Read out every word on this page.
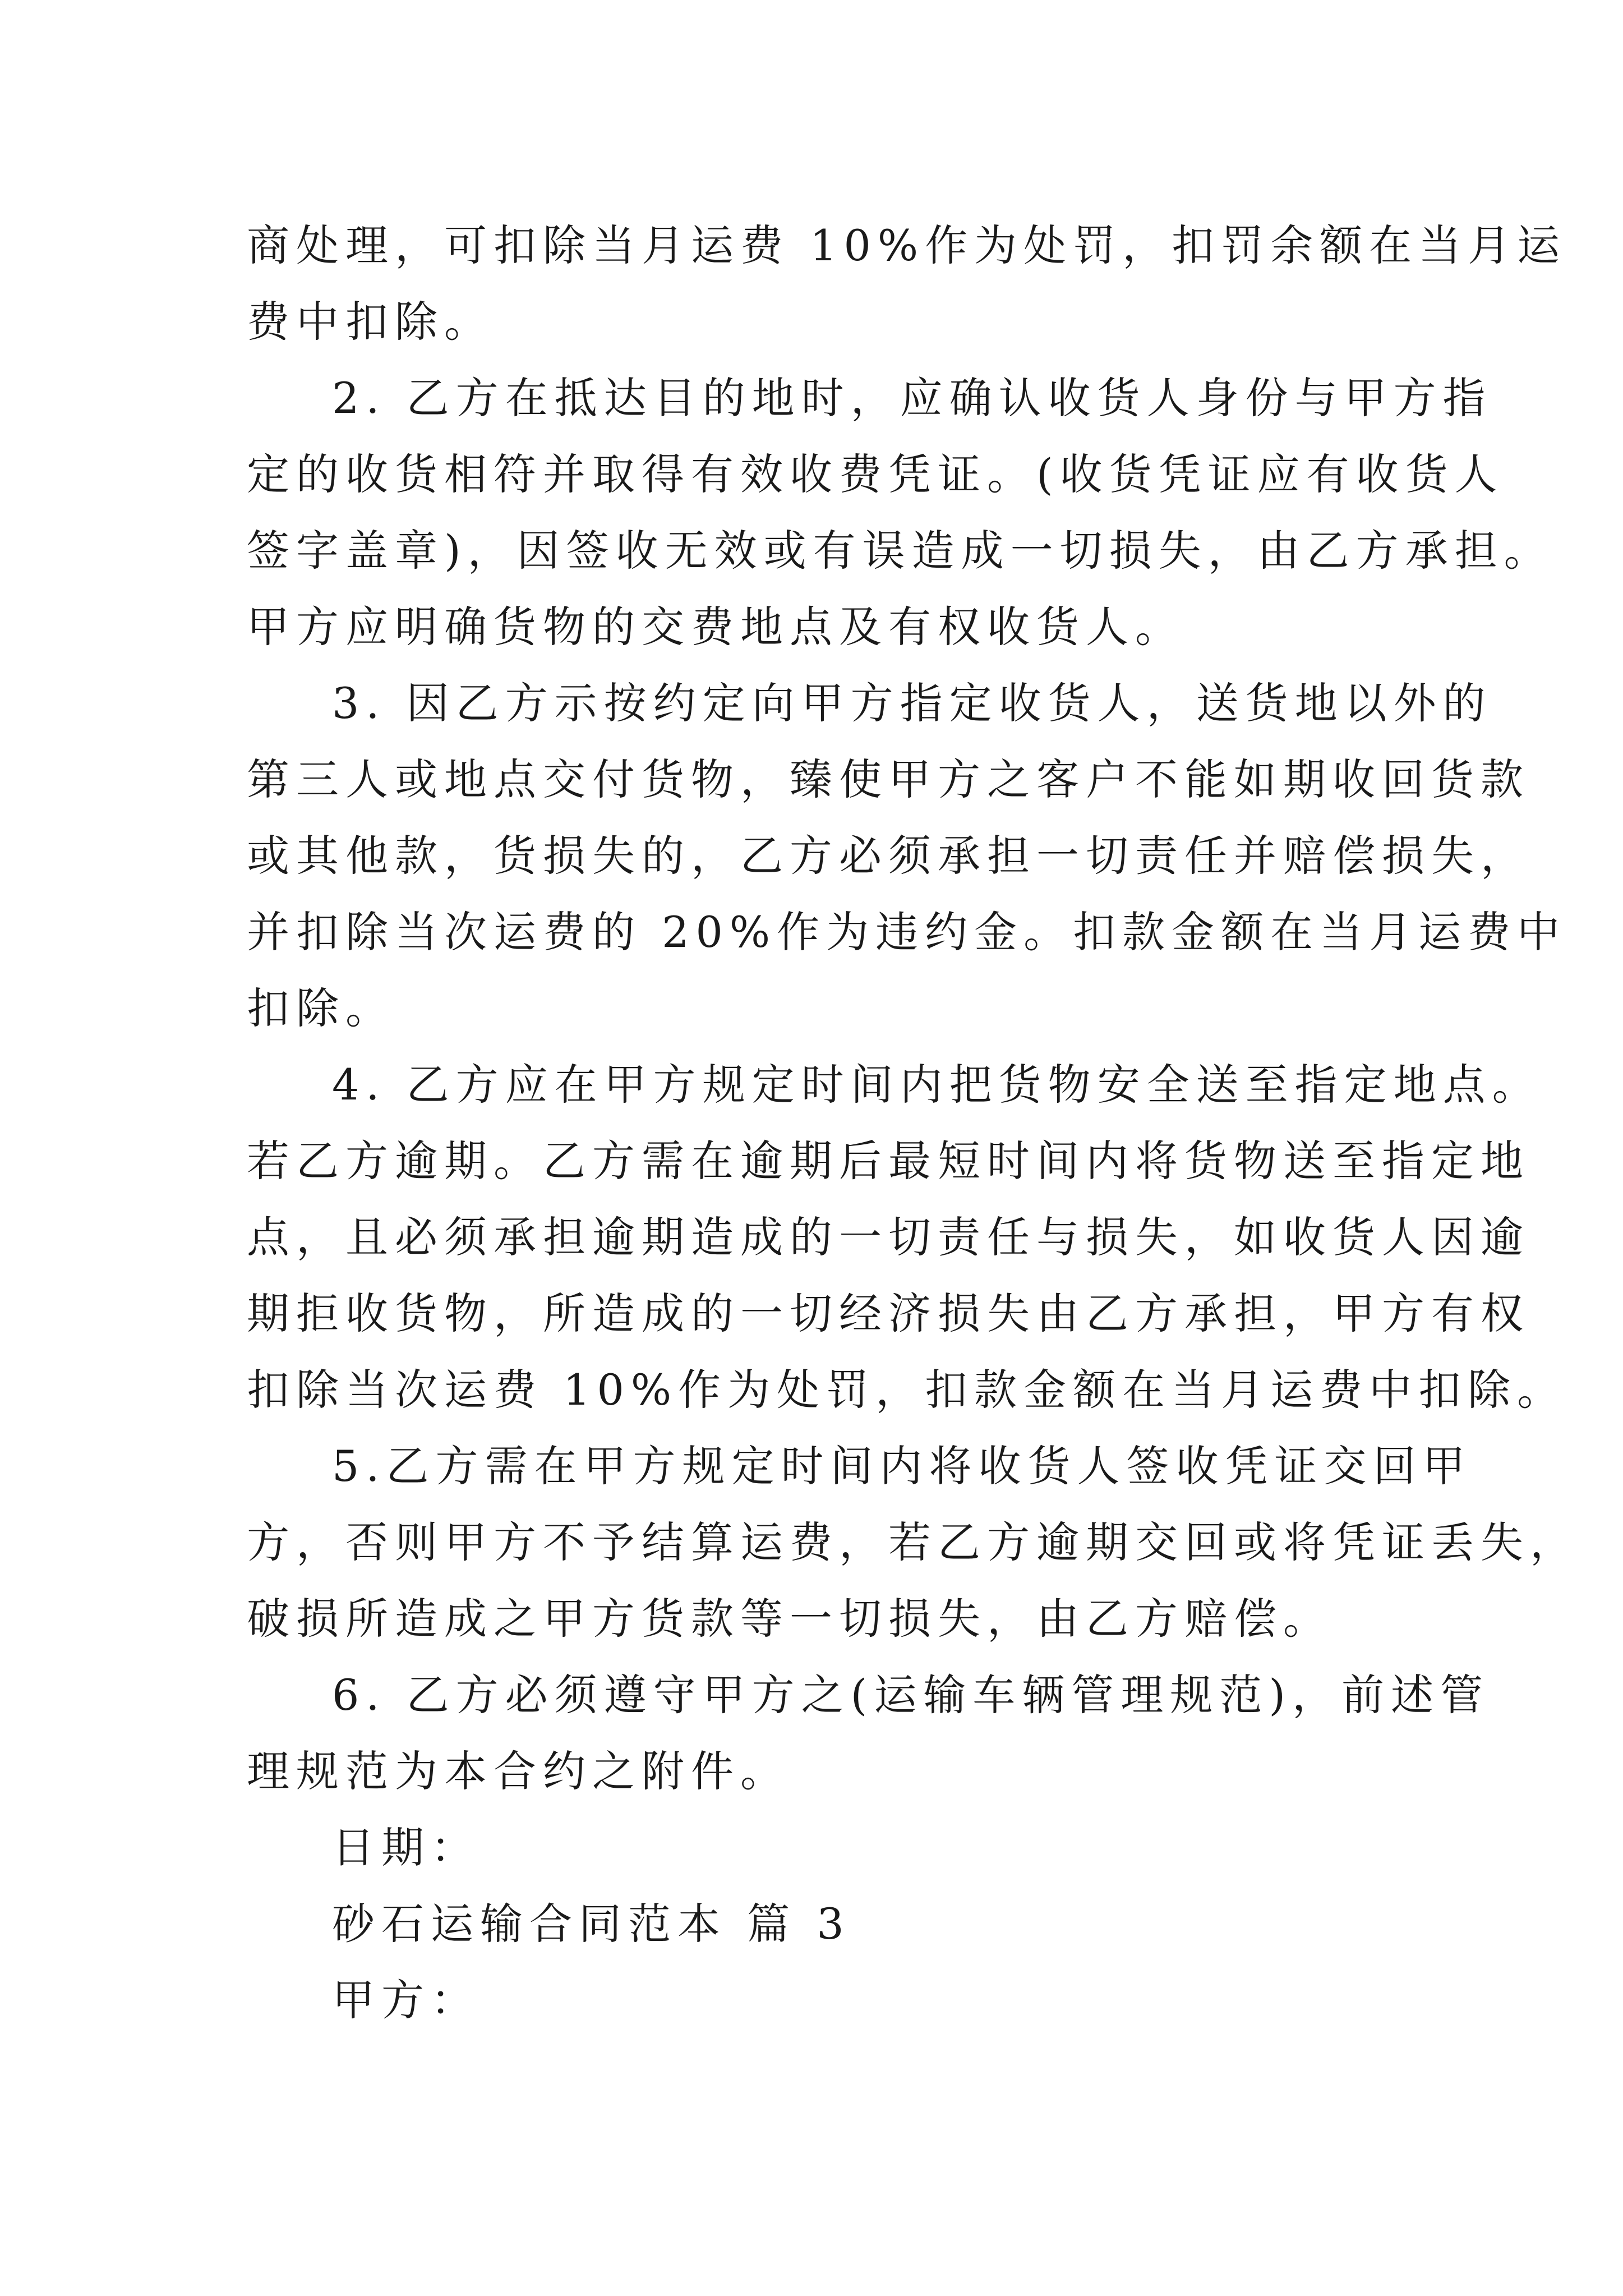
商处理，可扣除当月运费 10%作为处罚，扣罚余额在当月运
费中扣除。
2. 乙方在抵达目的地时，应确认收货人身份与甲方指
定的收货相符并取得有效收费凭证。(收货凭证应有收货人
签字盖章)，因签收无效或有误造成一切损失，由乙方承担。
甲方应明确货物的交费地点及有权收货人。
3. 因乙方示按约定向甲方指定收货人，送货地以外的
第三人或地点交付货物，臻使甲方之客户不能如期收回货款
或其他款，货损失的，乙方必须承担一切责任并赔偿损失，
并扣除当次运费的 20%作为违约金。扣款金额在当月运费中
扣除。
4. 乙方应在甲方规定时间内把货物安全送至指定地点。
若乙方逾期。乙方需在逾期后最短时间内将货物送至指定地
点，且必须承担逾期造成的一切责任与损失，如收货人因逾
期拒收货物，所造成的一切经济损失由乙方承担，甲方有权
扣除当次运费 10%作为处罚，扣款金额在当月运费中扣除。
5.乙方需在甲方规定时间内将收货人签收凭证交回甲
方，否则甲方不予结算运费，若乙方逾期交回或将凭证丢失，
破损所造成之甲方货款等一切损失，由乙方赔偿。
6. 乙方必须遵守甲方之(运输车辆管理规范)，前述管
理规范为本合约之附件。
日期：
砂石运输合同范本 篇 3
甲方：
